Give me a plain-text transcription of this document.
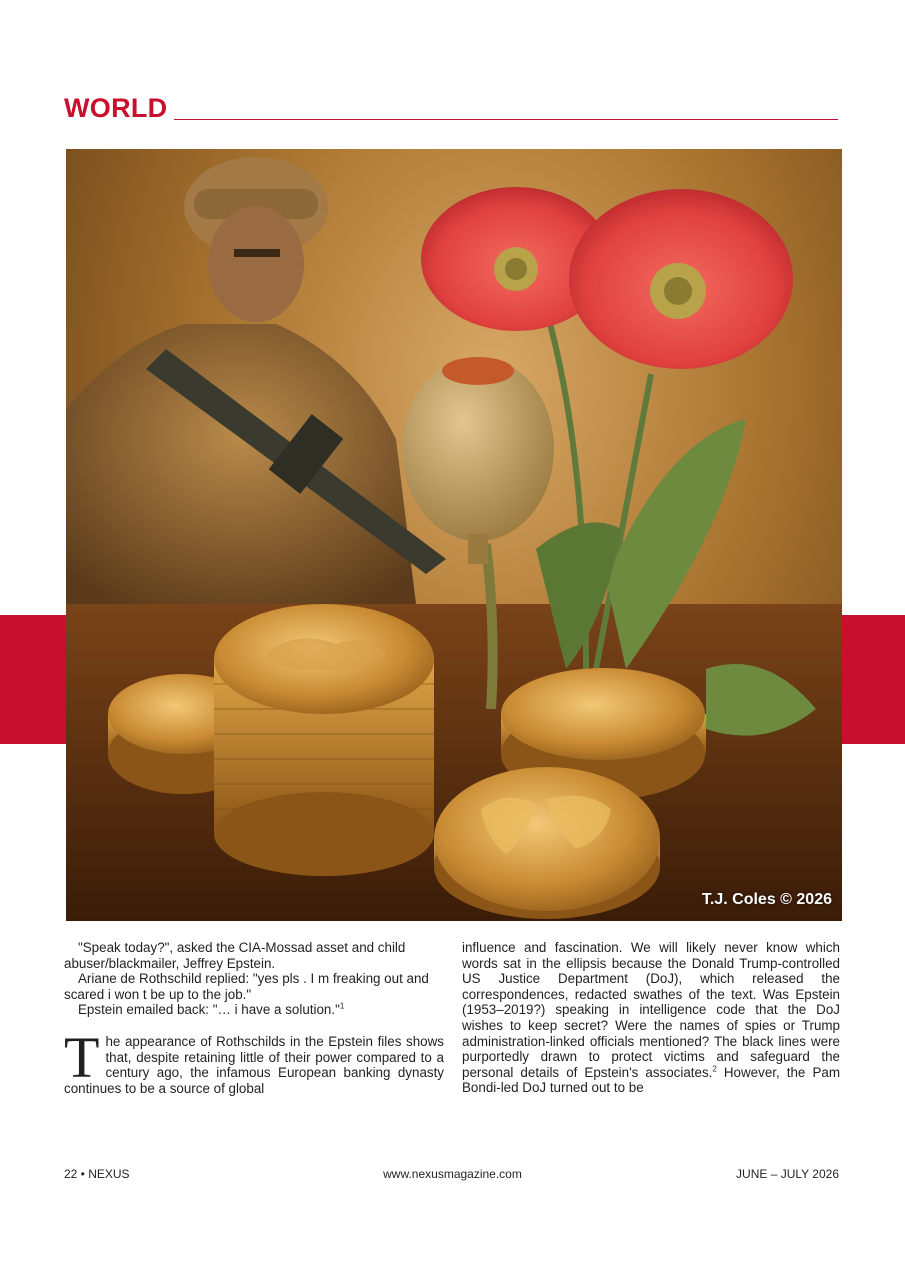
WORLD
T.J. Coles © 2026

"Speak today?", asked the CIA-Mossad asset and child abuser/blackmailer, Jeffrey Epstein.

Ariane de Rothschild replied: "yes pls . I m freaking out and scared i won t be up to the job."

Epstein emailed back: "… i have a solution."$^1$

The appearance of Rothschilds in the Epstein files shows that, despite retaining little of their power compared to a century ago, the infamous European banking dynasty continues to be a source of global

influence and fascination. We will likely never know which words sat in the ellipsis because the Donald Trump-controlled US Justice Department (DoJ), which released the correspondences, redacted swathes of the text. Was Epstein (1953–2019?) speaking in intelligence code that the DoJ wishes to keep secret? Were the names of spies or Trump administration-linked officials mentioned? The black lines were purportedly drawn to protect victims and safeguard the personal details of Epstein's associates.$^2$ However, the Pam Bondi-led DoJ turned out to be

22 • NEXUS	www.nexusmagazine.com	JUNE – JULY 2026
